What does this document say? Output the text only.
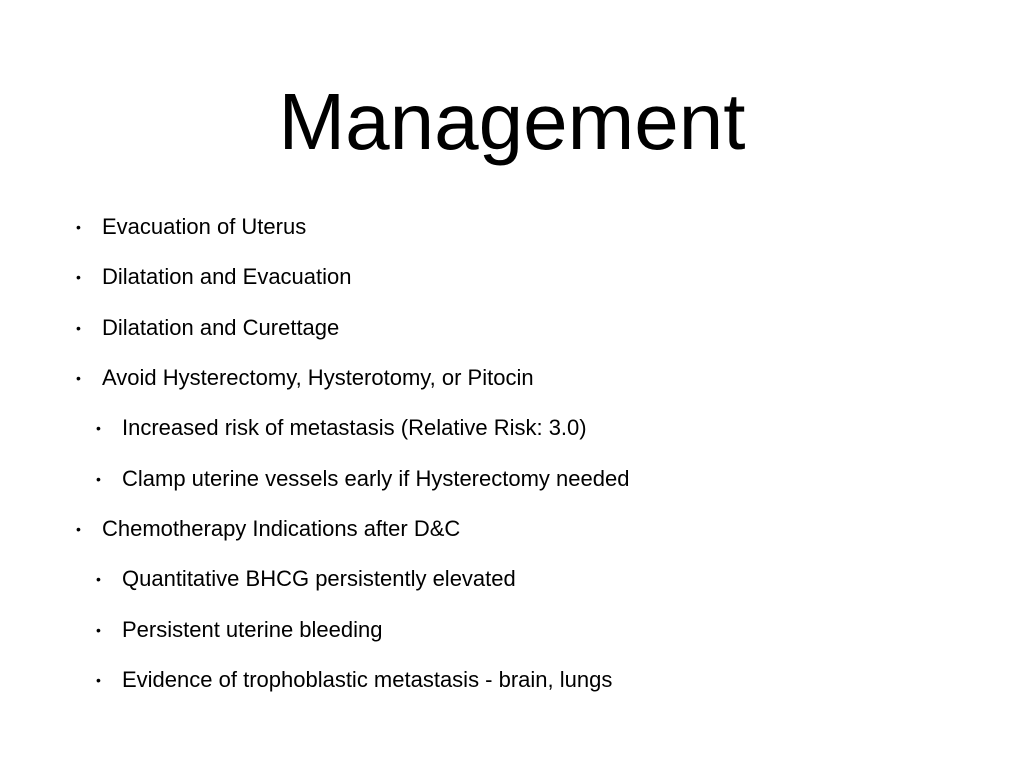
Management
• Evacuation of Uterus
• Dilatation and Evacuation
• Dilatation and Curettage
• Avoid Hysterectomy, Hysterotomy, or Pitocin
• Increased risk of metastasis (Relative Risk: 3.0)
• Clamp uterine vessels early if Hysterectomy needed
• Chemotherapy Indications after D&C
• Quantitative BHCG persistently elevated
• Persistent uterine bleeding
• Evidence of trophoblastic metastasis - brain, lungs
